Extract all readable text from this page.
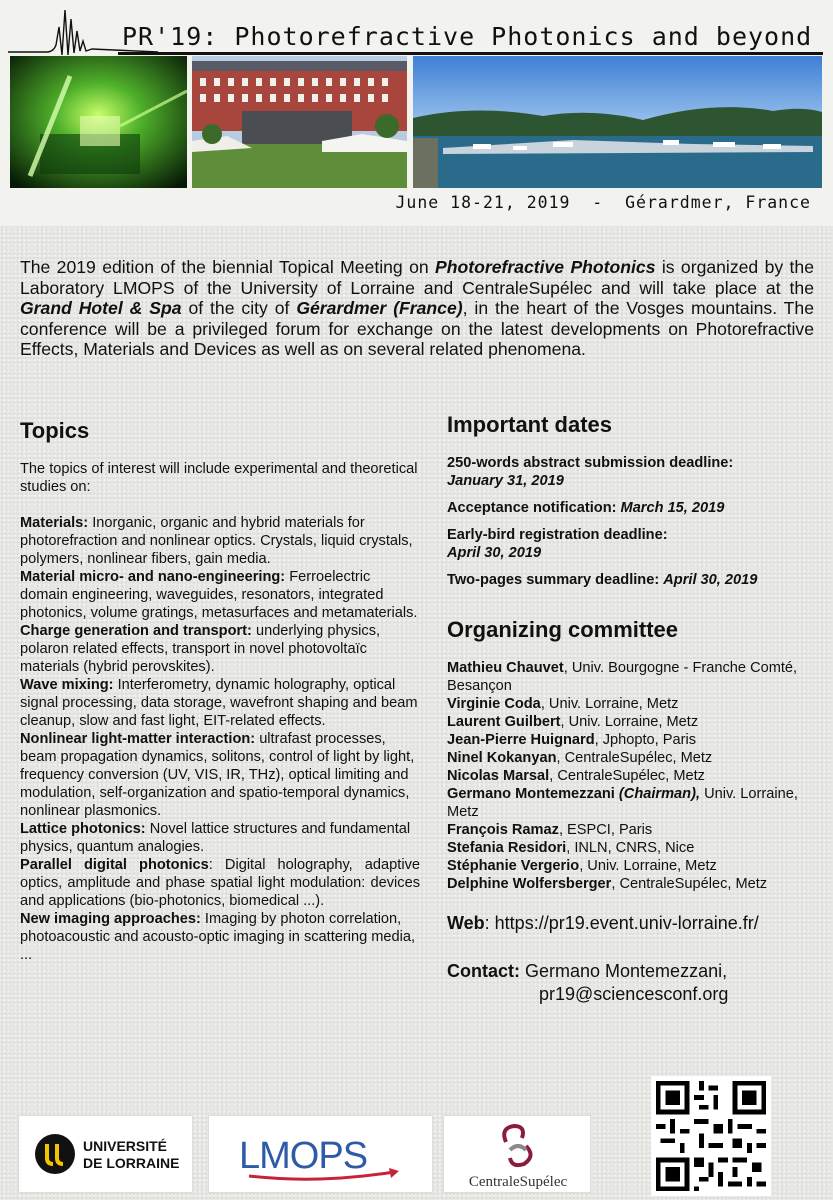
PR'19: Photorefractive Photonics and beyond
June 18-21, 2019  -  Gérardmer, France

The 2019 edition of the biennial Topical Meeting on Photorefractive Photonics is organized by the Laboratory LMOPS of the University of Lorraine and CentraleSupélec and will take place at the Grand Hotel & Spa of the city of Gérardmer (France), in the heart of the Vosges mountains. The conference will be a privileged forum for exchange on the latest developments on Photorefractive Effects, Materials and Devices as well as on several related phenomena.

Topics

The topics of interest will include experimental and theoretical studies on:

Materials: Inorganic, organic and hybrid materials for photorefraction and nonlinear optics. Crystals, liquid crystals, polymers, nonlinear fibers, gain media.

Material micro- and nano-engineering: Ferroelectric domain engineering, waveguides, resonators, integrated photonics, volume gratings, metasurfaces and metamaterials.

Charge generation and transport: underlying physics, polaron related effects, transport in novel photovoltaïc materials (hybrid perovskites).

Wave mixing: Interferometry, dynamic holography, optical signal processing, data storage, wavefront shaping and beam cleanup, slow and fast light, EIT-related effects.

Nonlinear light-matter interaction: ultrafast processes, beam propagation dynamics, solitons, control of light by light, frequency conversion (UV, VIS, IR, THz), optical limiting and modulation, self-organization and spatio-temporal dynamics, nonlinear plasmonics.

Lattice photonics: Novel lattice structures and fundamental physics, quantum analogies.

Parallel digital photonics: Digital holography, adaptive optics, amplitude and phase spatial light modulation: devices and applications (bio-photonics, biomedical ...).

New imaging approaches: Imaging by photon correlation, photoacoustic and acousto-optic imaging in scattering media, ...

Important dates

250-words abstract submission deadline:
January 31, 2019

Acceptance notification: March 15, 2019

Early-bird registration deadline:
April 30, 2019

Two-pages summary deadline: April 30, 2019

Organizing committee

Mathieu Chauvet, Univ. Bourgogne - Franche Comté, Besançon

Virginie Coda, Univ. Lorraine, Metz

Laurent Guilbert, Univ. Lorraine, Metz

Jean-Pierre Huignard, Jphopto, Paris

Ninel Kokanyan, CentraleSupélec, Metz

Nicolas Marsal, CentraleSupélec, Metz

Germano Montemezzani (Chairman), Univ. Lorraine, Metz

François Ramaz, ESPCI, Paris

Stefania Residori, INLN, CNRS, Nice

Stéphanie Vergerio, Univ. Lorraine, Metz

Delphine Wolfersberger, CentraleSupélec, Metz

Web: https://pr19.event.univ-lorraine.fr/

Contact: Germano Montemezzani,
pr19@sciencesconf.org

UNIVERSITÉ
DE LORRAINE LMOPS
CentraleSupélec
